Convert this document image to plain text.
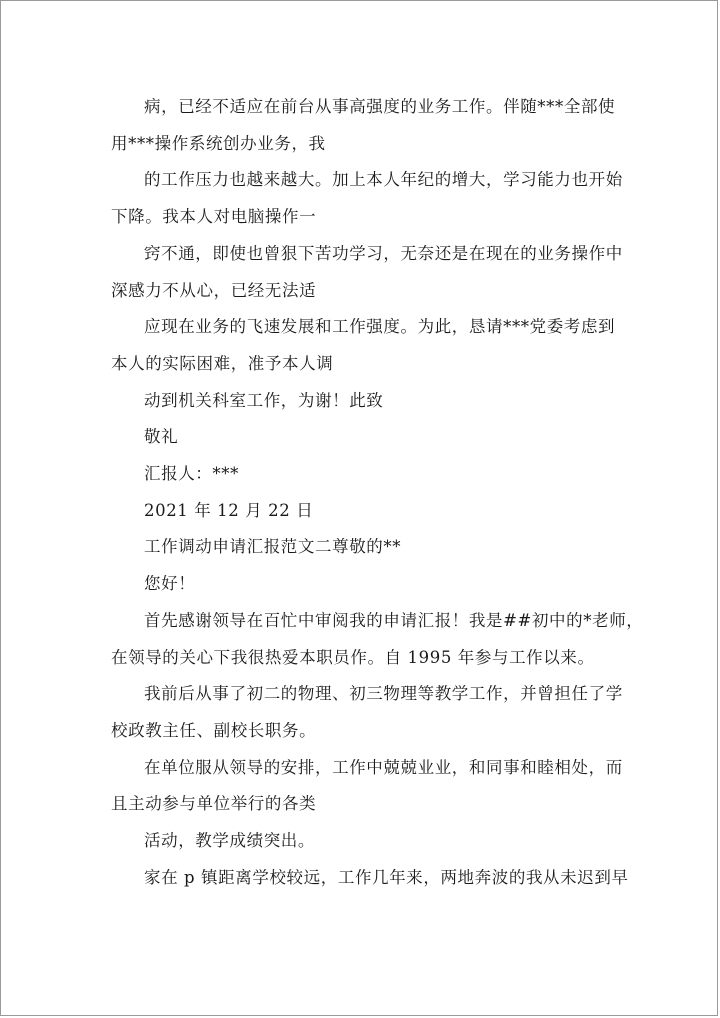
病，已经不适应在前台从事高强度的业务工作。伴随***全部使

用***操作系统创办业务，我

的工作压力也越来越大。加上本人年纪的增大，学习能力也开始

下降。我本人对电脑操作一

窍不通，即使也曾狠下苦功学习，无奈还是在现在的业务操作中

深感力不从心，已经无法适

应现在业务的飞速发展和工作强度。为此，恳请***党委考虑到

本人的实际困难，准予本人调

动到机关科室工作，为谢！此致

敬礼

汇报人：***

2021 年 12 月 22 日

工作调动申请汇报范文二尊敬的**

您好！

首先感谢领导在百忙中审阅我的申请汇报！我是##初中的*老师，

在领导的关心下我很热爱本职员作。自 1995 年参与工作以来。

我前后从事了初二的物理、初三物理等教学工作，并曾担任了学

校政教主任、副校长职务。

在单位服从领导的安排，工作中兢兢业业，和同事和睦相处，而

且主动参与单位举行的各类

活动，教学成绩突出。

家在 p 镇距离学校较远，工作几年来，两地奔波的我从未迟到早
